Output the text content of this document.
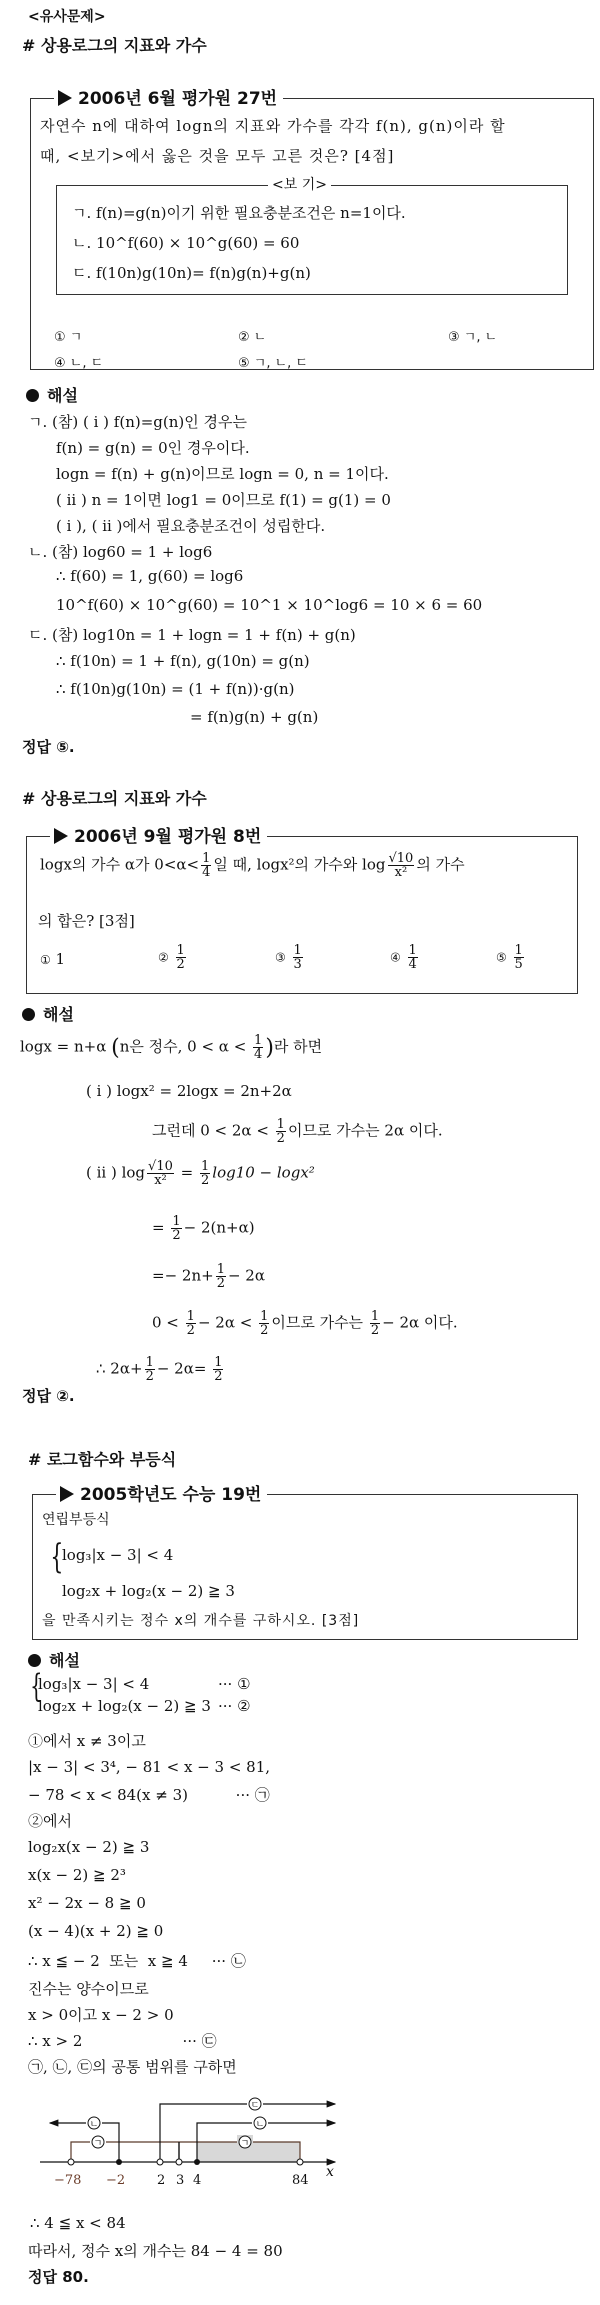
<유사문제>
# 상용로그의 지표와 가수
2006년 6월 평가원 27번
자연수 n에 대하여 logn의 지표와 가수를 각각 f(n), g(n)이라 할
때, <보기>에서 옳은 것을 모두 고른 것은? [4점]
<보 기>
ㄱ. f(n)=g(n)이기 위한 필요충분조건은 n=1이다.
ㄴ. 10^f(60) × 10^g(60) = 60
ㄷ. f(10n)g(10n)= f(n)g(n)+g(n)
① ㄱ	② ㄴ	③ ㄱ, ㄴ
④ ㄴ, ㄷ	⑤ ㄱ, ㄴ, ㄷ
해설
ㄱ. (참) ( i ) f(n)=g(n)인 경우는
f(n) = g(n) = 0인 경우이다.
logn = f(n) + g(n)이므로 logn = 0, n = 1이다.
( ii ) n = 1이면 log1 = 0이므로 f(1) = g(1) = 0
( i ), ( ii )에서 필요충분조건이 성립한다.
ㄴ. (참) log60 = 1 + log6
∴ f(60) = 1, g(60) = log6
10^f(60) × 10^g(60) = 10^1 × 10^log6 = 10 × 6 = 60
ㄷ. (참) log10n = 1 + logn = 1 + f(n) + g(n)
∴ f(10n) = 1 + f(n), g(10n) = g(n)
∴ f(10n)g(10n) = (1 + f(n))·g(n)
= f(n)g(n) + g(n)
정답 ⑤.
# 상용로그의 지표와 가수
2006년 9월 평가원 8번
logx의 가수 α가 $0<\alpha< \frac{1}{4}$ 일 때, logx²의 가수와 $\log \frac{√10}{\text{x²}}$ 의 가수
의 합은? [3점]
① 1	② $\frac{1}{2}$	③ $\frac{1}{3}$	④ $\frac{1}{4}$	⑤ $\frac{1}{5}$
해설
logx = n+α (n은 정수, $0 < \alpha < \frac{1}{4}$ )라 하면
( i ) logx² = 2logx = 2n+2α
그런데 $0 < 2\alpha < \frac{1}{2}$ 이므로 가수는 2α 이다.
( ii ) $\log \frac{√10}{\text{x²}} = \frac{1}{2} \log 10 - \log x^2$
= $\frac{1}{2} - 2(n+\alpha)$
=− $2n+ \frac{1}{2} - 2\alpha$
$0 < \frac{1}{2} - 2\alpha < \frac{1}{2}$ 이므로 가수는 $\frac{1}{2} - 2\alpha$ 이다.
∴ $2\alpha+ \frac{1}{2} - 2\alpha= \frac{1}{2}$
정답 ②.
# 로그함수와 부등식
2005학년도 수능 19번
연립부등식
{
log₃|x − 3| < 4
log₂x + log₂(x − 2) ≧ 3
을 만족시키는 정수 x의 개수를 구하시오. [3점]
해설
{
log₃|x − 3| < 4	··· ①
log₂x + log₂(x − 2) ≧ 3 ··· ②
①에서 x ≠ 3이고
|x − 3| < 3⁴, − 81 < x − 3 < 81,
− 78 < x < 84(x ≠ 3)          ··· ㉠
②에서
log₂x(x − 2) ≧ 3
x(x − 2) ≧ 2³
x² − 2x − 8 ≧ 0
(x − 4)(x + 2) ≧ 0
∴ x ≦ − 2  또는  x ≧ 4     ··· ㉡
진수는 양수이므로
x > 0이고 x − 2 > 0
∴ x > 2                     ··· ㉢
㉠, ㉡, ㉢의 공통 범위를 구하면
ㄴ
ㄱ	ㄱ
ㄴ
ㄷ
−78 −2 2 3 4	84
x
∴ 4 ≦ x < 84
따라서, 정수 x의 개수는 84 − 4 = 80
정답 80.
